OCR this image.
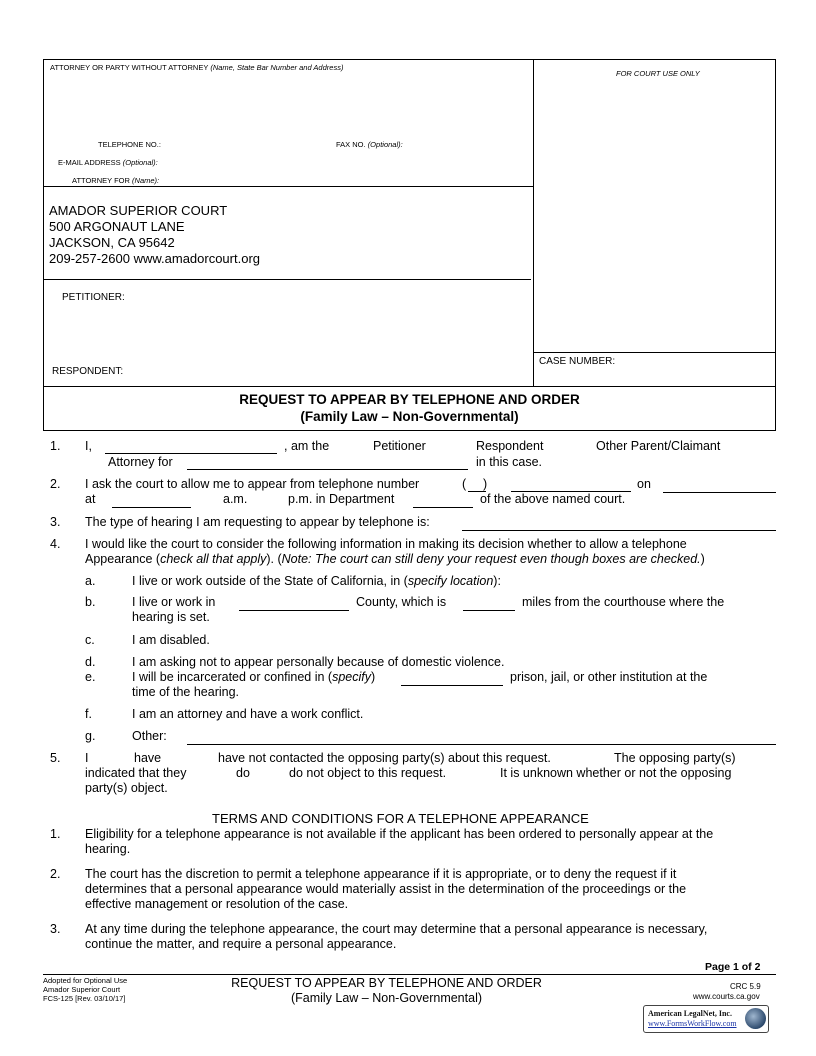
ATTORNEY OR PARTY WITHOUT ATTORNEY (Name, State Bar Number and Address)
FOR COURT USE ONLY
TELEPHONE NO.:	FAX NO. (Optional):
E-MAIL ADDRESS (Optional):
ATTORNEY FOR (Name):
AMADOR SUPERIOR COURT
500 ARGONAUT LANE
JACKSON, CA 95642
209-257-2600 www.amadorcourt.org
PETITIONER:
RESPONDENT:
CASE NUMBER:
REQUEST TO APPEAR BY TELEPHONE AND ORDER
(Family Law – Non-Governmental)
1. I,	, am the	Petitioner	Respondent	Other Parent/Claimant
Attorney for	in this case.
2. I ask the court to allow me to appear from telephone number	( )	on
at	a.m.	p.m. in Department	of the above named court.
3. The type of hearing I am requesting to appear by telephone is:
4. I would like the court to consider the following information in making its decision whether to allow a telephone
Appearance (check all that apply). (Note: The court can still deny your request even though boxes are checked.)
a.	I live or work outside of the State of California, in (specify location):
b.	I live or work in	County, which is	miles from the courthouse where the
hearing is set.
c.	I am disabled.
d.	I am asking not to appear personally because of domestic violence.
e.	I will be incarcerated or confined in (specify)	prison, jail, or other institution at the
time of the hearing.
f.	I am an attorney and have a work conflict.
g.	Other:
5. I	have	have not contacted the opposing party(s) about this request.	The opposing party(s)
indicated that they	do	do not object to this request.	It is unknown whether or not the opposing
party(s) object.
TERMS AND CONDITIONS FOR A TELEPHONE APPEARANCE
1. Eligibility for a telephone appearance is not available if the applicant has been ordered to personally appear at the
hearing.
2. The court has the discretion to permit a telephone appearance if it is appropriate, or to deny the request if it
determines that a personal appearance would materially assist in the determination of the proceedings or the
effective management or resolution of the case.
3. At any time during the telephone appearance, the court may determine that a personal appearance is necessary,
continue the matter, and require a personal appearance.
Page 1 of 2
Adopted for Optional Use
Amador Superior Court
FCS-125 [Rev. 03/10/17]
REQUEST TO APPEAR BY TELEPHONE AND ORDER
(Family Law – Non-Governmental)
CRC 5.9
www.courts.ca.gov
American LegalNet, Inc.
www.FormsWorkFlow.com
